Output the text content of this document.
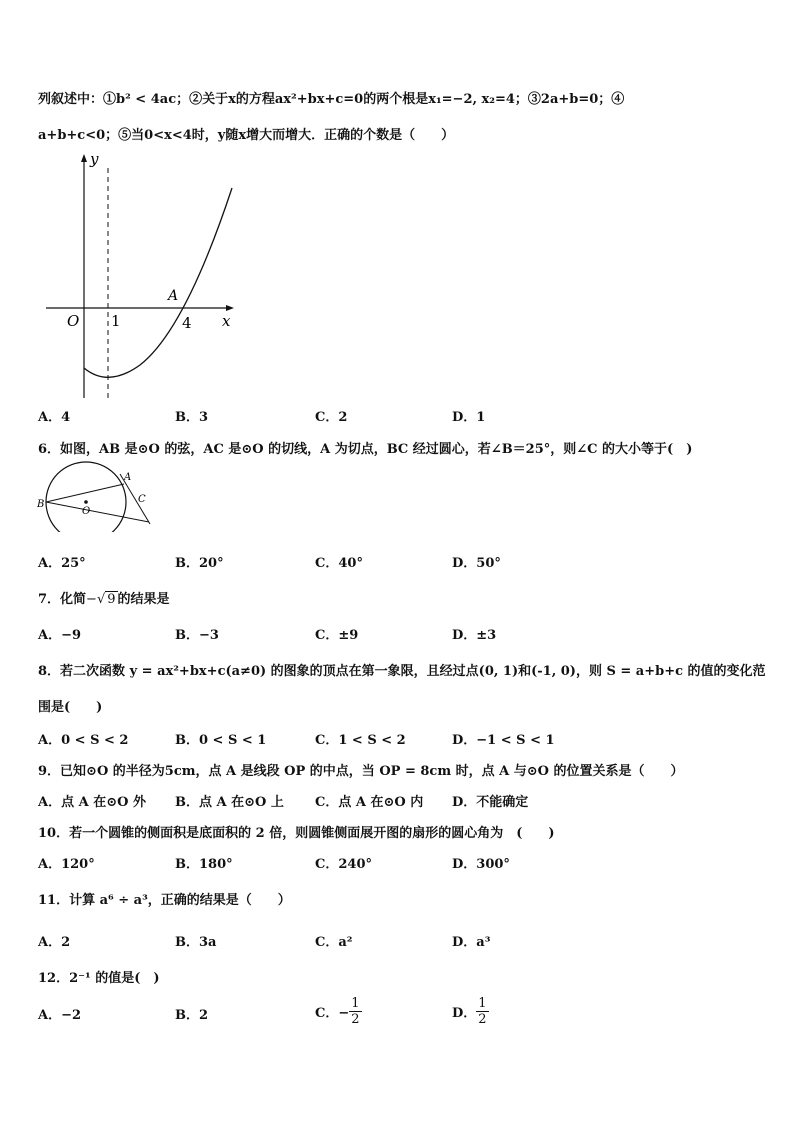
列叙述中：①b² < 4ac；②关于x的方程ax²+bx+c=0的两个根是x₁=−2, x₂=4；③2a+b=0；④
a+b+c<0；⑤当0<x<4时，y随x增大而增大．正确的个数是（　　）
y
x
O 1	4
A
A．4	B．3	C．2	D．1
6．如图，AB 是⊙O 的弦，AC 是⊙O 的切线，A 为切点，BC 经过圆心，若∠B＝25°，则∠C 的大小等于(　)
B
A
C
O
A．25°	B．20°	C．40°	D．50°
7．化简−√ 9 的结果是
A．−9	B．−3	C．±9	D．±3
8．若二次函数 y = ax²+bx+c(a≠0) 的图象的顶点在第一象限，且经过点(0, 1)和(-1, 0)，则 S = a+b+c 的值的变化范
围是(　　)
A．0 < S < 2	B．0 < S < 1	C．1 < S < 2	D．−1 < S < 1
9．已知⊙O 的半径为5cm，点 A 是线段 OP 的中点，当 OP = 8cm 时，点 A 与⊙O 的位置关系是（　　）
A．点 A 在⊙O 外 B．点 A 在⊙O 上 C．点 A 在⊙O 内 D．不能确定
10．若一个圆锥的侧面积是底面积的 2 倍，则圆锥侧面展开图的扇形的圆心角为　(　　)
A．120°	B．180°	C．240°	D．300°
11．计算 a⁶ ÷ a³，正确的结果是（　　）
A．2	B．3a	C．a²	D．a³
12．2⁻¹ 的值是(　)
A．−2	B．2	C．− $\frac{1}{2}$	D． $\frac{1}{2}$
